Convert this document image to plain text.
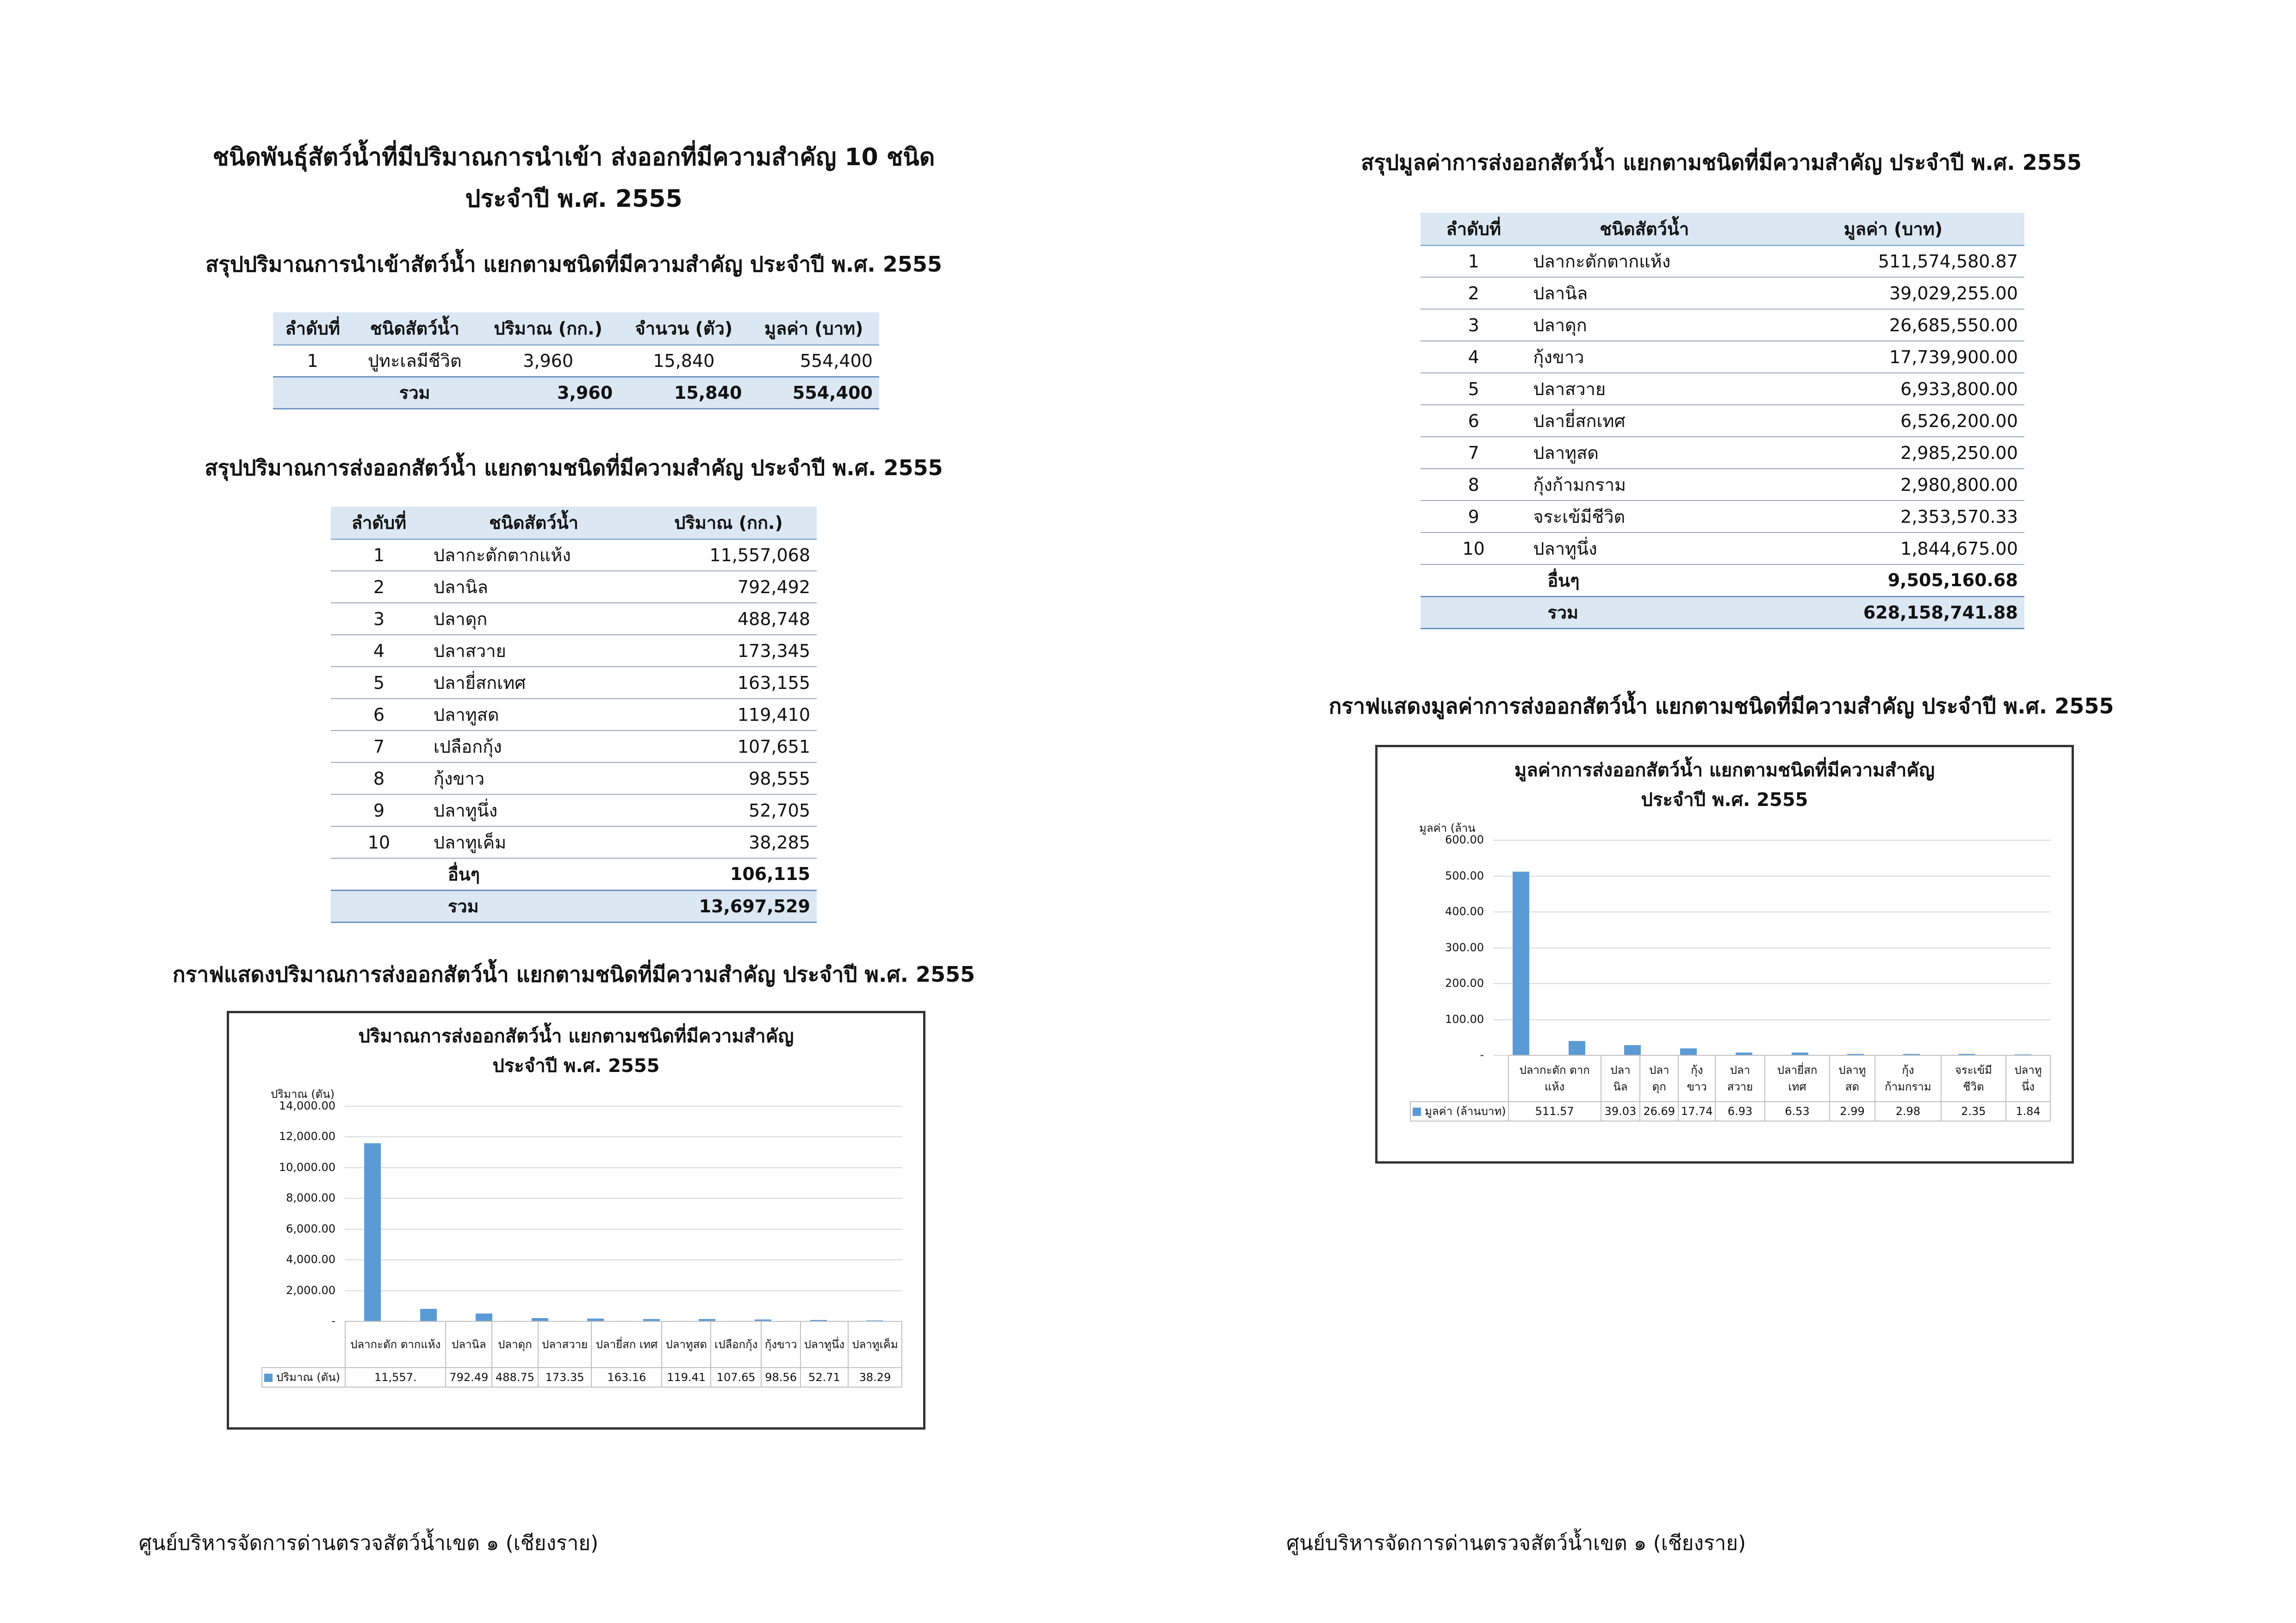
ชนิดพันธุ์สัตว์น้ำที่มีปริมาณการนำเข้า ส่งออกที่มีความสำคัญ 10 ชนิด
ประจำปี พ.ศ. 2555
สรุปปริมาณการนำเข้าสัตว์น้ำ แยกตามชนิดที่มีความสำคัญ ประจำปี พ.ศ. 2555
ลำดับที่	ชนิดสัตว์น้ำ	ปริมาณ (กก.)	จำนวน (ตัว)	มูลค่า (บาท)
1	ปูทะเลมีชีวิต	3,960	15,840	554,400
	รวม	3,960	15,840	554,400
สรุปปริมาณการส่งออกสัตว์น้ำ แยกตามชนิดที่มีความสำคัญ ประจำปี พ.ศ. 2555
ลำดับที่	ชนิดสัตว์น้ำ	ปริมาณ (กก.)
1	ปลากะตักตากแห้ง	11,557,068
2	ปลานิล	792,492
3	ปลาดุก	488,748
4	ปลาสวาย	173,345
5	ปลายี่สกเทศ	163,155
6	ปลาทูสด	119,410
7	เปลือกกุ้ง	107,651
8	กุ้งขาว	98,555
9	ปลาทูนึ่ง	52,705
10	ปลาทูเค็ม	38,285
	อื่นๆ	106,115
	รวม	13,697,529
กราฟแสดงปริมาณการส่งออกสัตว์น้ำ แยกตามชนิดที่มีความสำคัญ ประจำปี พ.ศ. 2555
ปริมาณการส่งออกสัตว์น้ำ แยกตามชนิดที่มีความสำคัญ
ประจำปี พ.ศ. 2555
ปริมาณ (ตัน)
14,000.00
12,000.00
10,000.00
8,000.00
6,000.00
4,000.00
2,000.00
-
	ปลากะตัก ตากแห้ง	ปลานิล	ปลาดุก	ปลาสวาย	ปลายี่สก เทศ	ปลาทูสด	เปลือกกุ้ง	กุ้งขาว	ปลาทูนึ่ง	ปลาทูเค็ม
ปริมาณ (ตัน)	11,557.	792.49	488.75	173.35	163.16	119.41	107.65	98.56	52.71	38.29
ศูนย์บริหารจัดการด่านตรวจสัตว์น้ำเขต ๑ (เชียงราย)
สรุปมูลค่าการส่งออกสัตว์น้ำ แยกตามชนิดที่มีความสำคัญ ประจำปี พ.ศ. 2555
ลำดับที่	ชนิดสัตว์น้ำ	มูลค่า (บาท)
1	ปลากะตักตากแห้ง	511,574,580.87
2	ปลานิล	39,029,255.00
3	ปลาดุก	26,685,550.00
4	กุ้งขาว	17,739,900.00
5	ปลาสวาย	6,933,800.00
6	ปลายี่สกเทศ	6,526,200.00
7	ปลาทูสด	2,985,250.00
8	กุ้งก้ามกราม	2,980,800.00
9	จระเข้มีชีวิต	2,353,570.33
10	ปลาทูนึ่ง	1,844,675.00
	อื่นๆ	9,505,160.68
	รวม	628,158,741.88
กราฟแสดงมูลค่าการส่งออกสัตว์น้ำ แยกตามชนิดที่มีความสำคัญ ประจำปี พ.ศ. 2555
มูลค่าการส่งออกสัตว์น้ำ แยกตามชนิดที่มีความสำคัญ
ประจำปี พ.ศ. 2555
มูลค่า (ล้าน
600.00
500.00
400.00
300.00
200.00
100.00
-
	ปลากะตัก ตากแห้ง	ปลานิล	ปลาดุก	กุ้งขาว	ปลาสวาย	ปลายี่สก เทศ	ปลาทูสด	กุ้ง ก้ามกราม	จระเข้มี ชีวิต	ปลาทูนึ่ง
มูลค่า (ล้านบาท)	511.57	39.03	26.69	17.74	6.93	6.53	2.99	2.98	2.35	1.84
ศูนย์บริหารจัดการด่านตรวจสัตว์น้ำเขต ๑ (เชียงราย)
